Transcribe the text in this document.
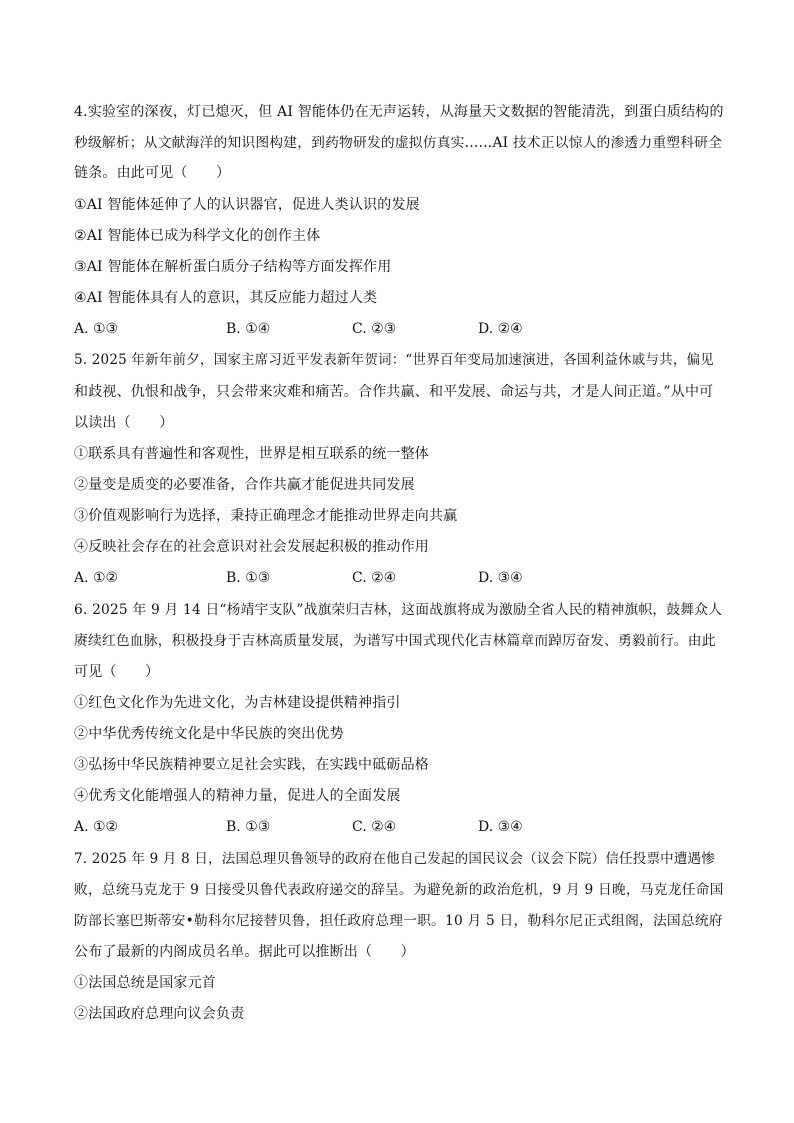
4.实验室的深夜，灯已熄灭，但 AI 智能体仍在无声运转，从海量天文数据的智能清洗，到蛋白质结构的
秒级解析；从文献海洋的知识图构建，到药物研发的虚拟仿真实……AI 技术正以惊人的渗透力重塑科研全
链条。由此可见（　　）
①AI 智能体延伸了人的认识器官，促进人类认识的发展
②AI 智能体已成为科学文化的创作主体
③AI 智能体在解析蛋白质分子结构等方面发挥作用
④AI 智能体具有人的意识，其反应能力超过人类
A. ①③	B. ①④	C. ②③	D. ②④
5. 2025 年新年前夕，国家主席习近平发表新年贺词：“世界百年变局加速演进，各国利益休戚与共，偏见
和歧视、仇恨和战争，只会带来灾难和痛苦。合作共赢、和平发展、命运与共，才是人间正道。”从中可
以读出（　　）
①联系具有普遍性和客观性，世界是相互联系的统一整体
②量变是质变的必要准备，合作共赢才能促进共同发展
③价值观影响行为选择，秉持正确理念才能推动世界走向共赢
④反映社会存在的社会意识对社会发展起积极的推动作用
A. ①②	B. ①③	C. ②④	D. ③④
6. 2025 年 9 月 14 日“杨靖宇支队”战旗荣归吉林，这面战旗将成为激励全省人民的精神旗帜，鼓舞众人
赓续红色血脉，积极投身于吉林高质量发展，为谱写中国式现代化吉林篇章而踔厉奋发、勇毅前行。由此
可见（　　）
①红色文化作为先进文化，为吉林建设提供精神指引
②中华优秀传统文化是中华民族的突出优势
③弘扬中华民族精神要立足社会实践，在实践中砥砺品格
④优秀文化能增强人的精神力量，促进人的全面发展
A. ①②	B. ①③	C. ②④	D. ③④
7. 2025 年 9 月 8 日，法国总理贝鲁领导的政府在他自己发起的国民议会（议会下院）信任投票中遭遇惨
败，总统马克龙于 9 日接受贝鲁代表政府递交的辞呈。为避免新的政治危机，9 月 9 日晚，马克龙任命国
防部长塞巴斯蒂安•勒科尔尼接替贝鲁，担任政府总理一职。10 月 5 日，勒科尔尼正式组阁，法国总统府
公布了最新的内阁成员名单。据此可以推断出（　　）
①法国总统是国家元首
②法国政府总理向议会负责
